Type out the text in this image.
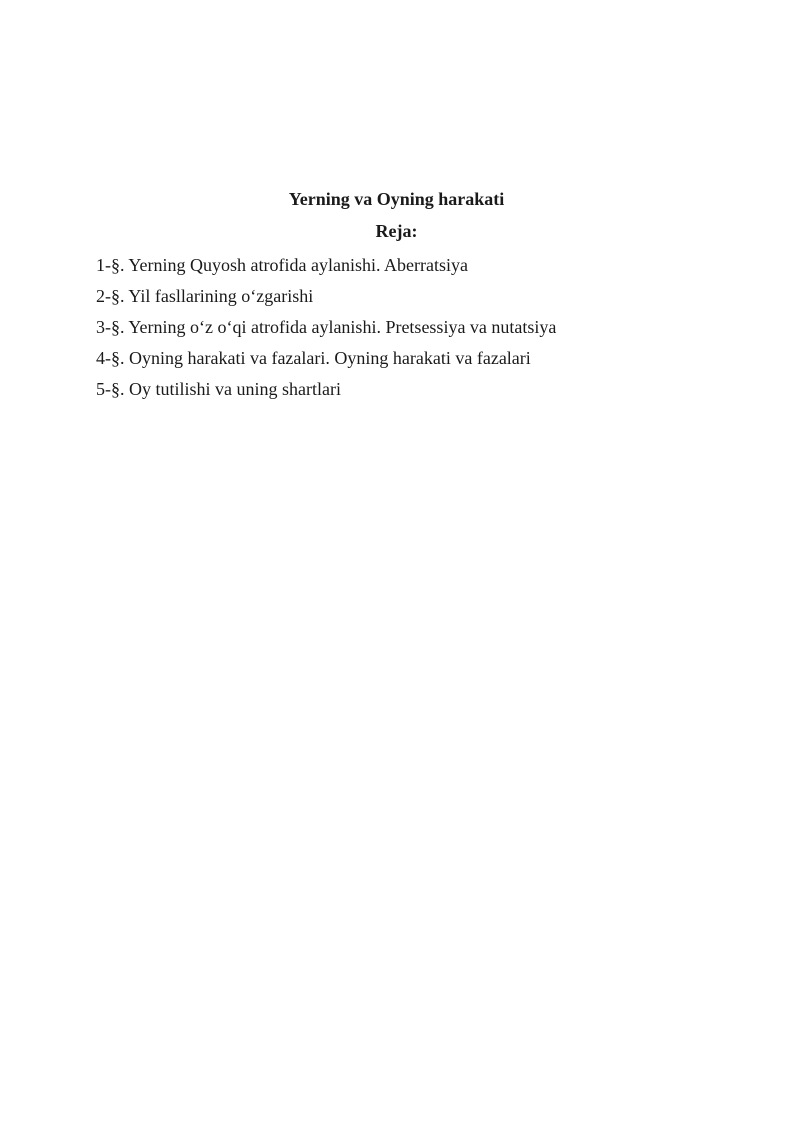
Yerning va Oyning harakati
Reja:
1-§. Yerning Quyosh atrofida aylanishi. Aberratsiya
2-§. Yil fasllarining o‘zgarishi
3-§. Yerning o‘z o‘qi atrofida aylanishi. Pretsessiya va nutatsiya
4-§. Oyning harakati va fazalari. Oyning harakati va fazalari
5-§. Oy tutilishi va uning shartlari
